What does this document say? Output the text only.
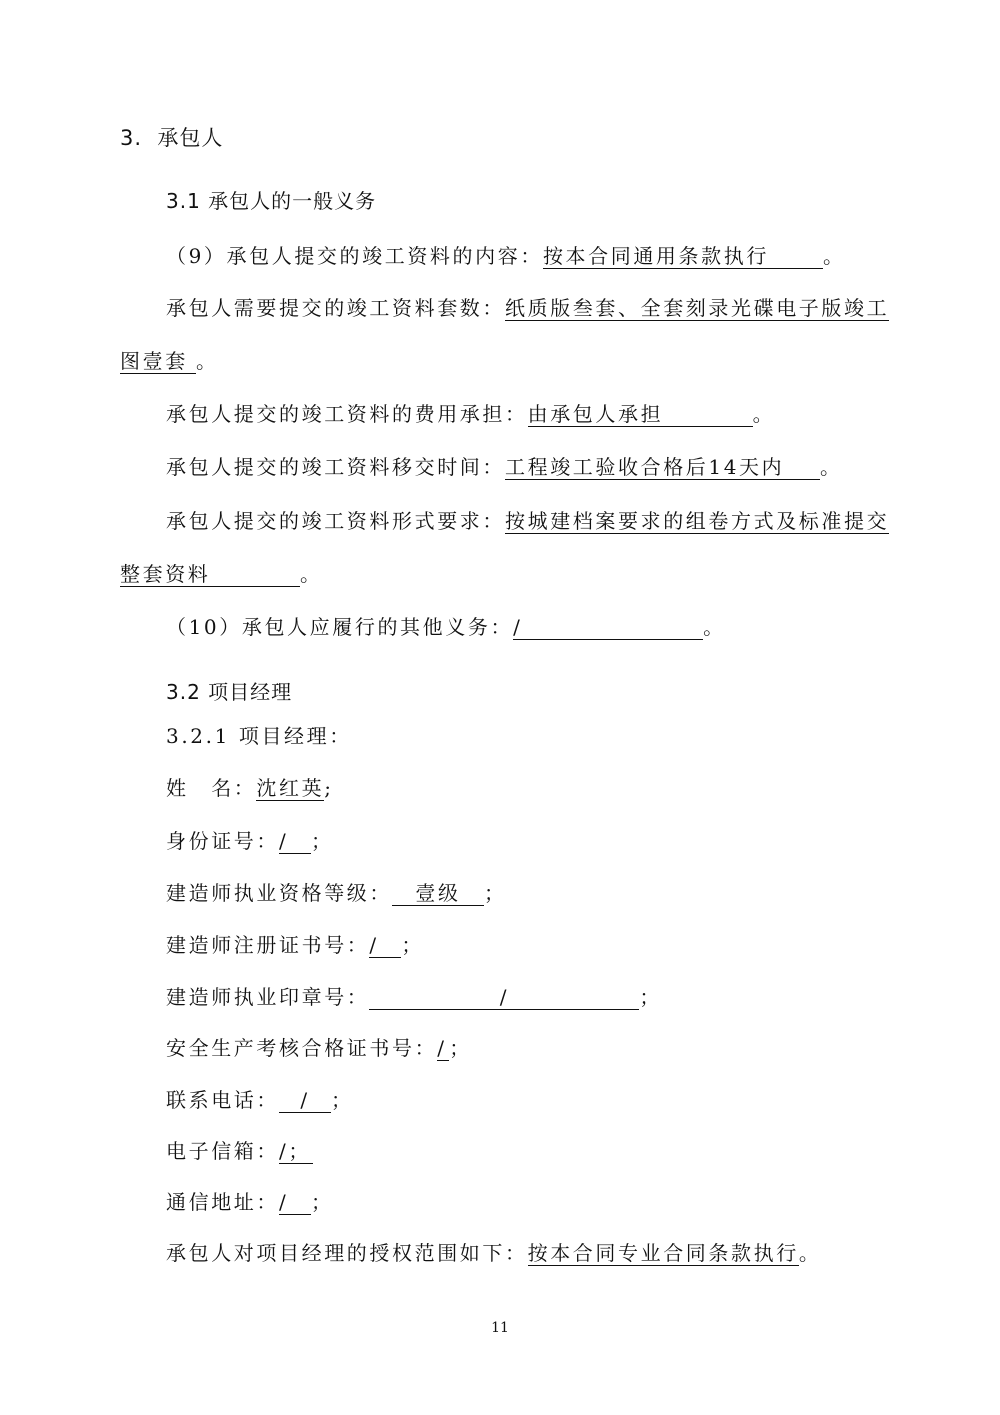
3. 承包人
3.1 承包人的一般义务
（9）承包人提交的竣工资料的内容：按本合同通用条款执行	。
承包人需要提交的竣工资料套数：纸质版叁套、全套刻录光碟电子版竣工
图壹套 。
承包人提交的竣工资料的费用承担：由承包人承担	。
承包人提交的竣工资料移交时间：工程竣工验收合格后14天内 。
承包人提交的竣工资料形式要求：按城建档案要求的组卷方式及标准提交
整套资料	。
（10）承包人应履行的其他义务：/	。
3.2 项目经理
3.2.1 项目经理：
姓　名：沈红英;
身份证号：/ ；
建造师执业资格等级： 壹级 ；
建造师注册证书号：/ ；
建造师执业印章号：	/	；
安全生产考核合格证书号：/ ；
联系电话： / ；
电子信箱：/；
通信地址：/ ；
承包人对项目经理的授权范围如下：按本合同专业合同条款执行。
11
